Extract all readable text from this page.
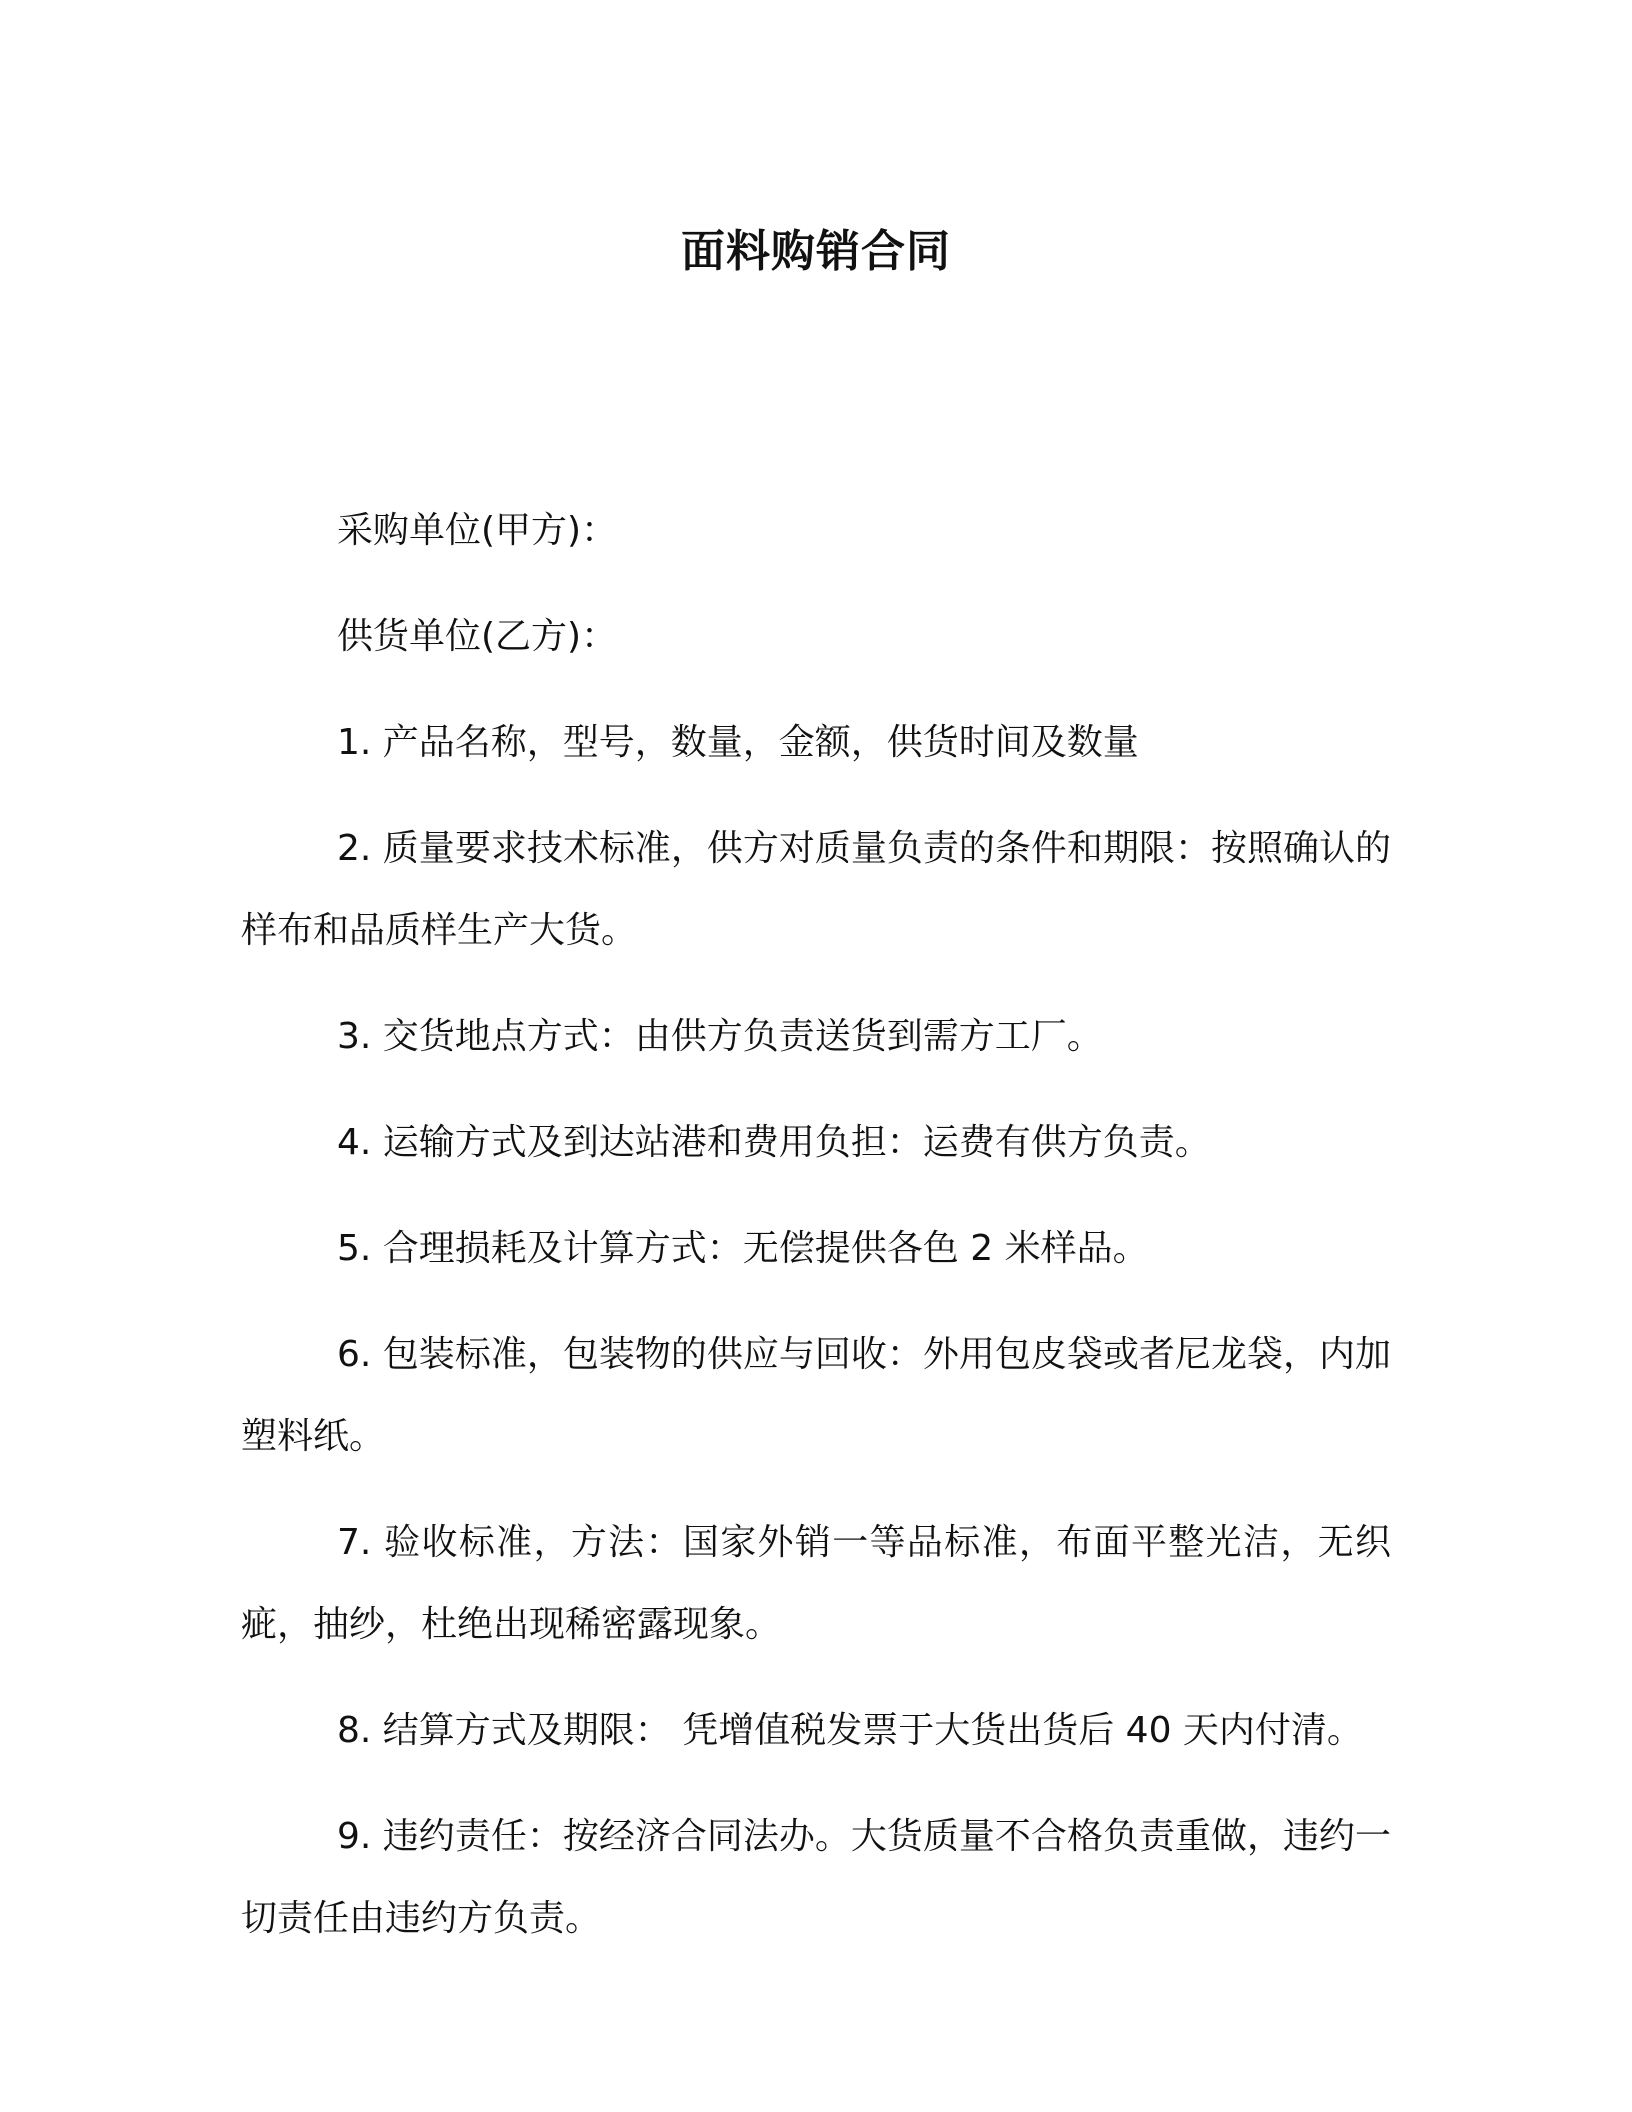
面料购销合同

采购单位(甲方)：

供货单位(乙方)：

1. 产品名称，型号，数量，金额，供货时间及数量

2. 质量要求技术标准，供方对质量负责的条件和期限：按照确认的样布和品质样生产大货。

3. 交货地点方式：由供方负责送货到需方工厂。

4. 运输方式及到达站港和费用负担：运费有供方负责。

5. 合理损耗及计算方式：无偿提供各色 2 米样品。

6. 包装标准，包装物的供应与回收：外用包皮袋或者尼龙袋，内加塑料纸。

7. 验收标准，方法：国家外销一等品标准，布面平整光洁，无织疵，抽纱，杜绝出现稀密露现象。

8. 结算方式及期限： 凭增值税发票于大货出货后 40 天内付清。

9. 违约责任：按经济合同法办。大货质量不合格负责重做，违约一切责任由违约方负责。
